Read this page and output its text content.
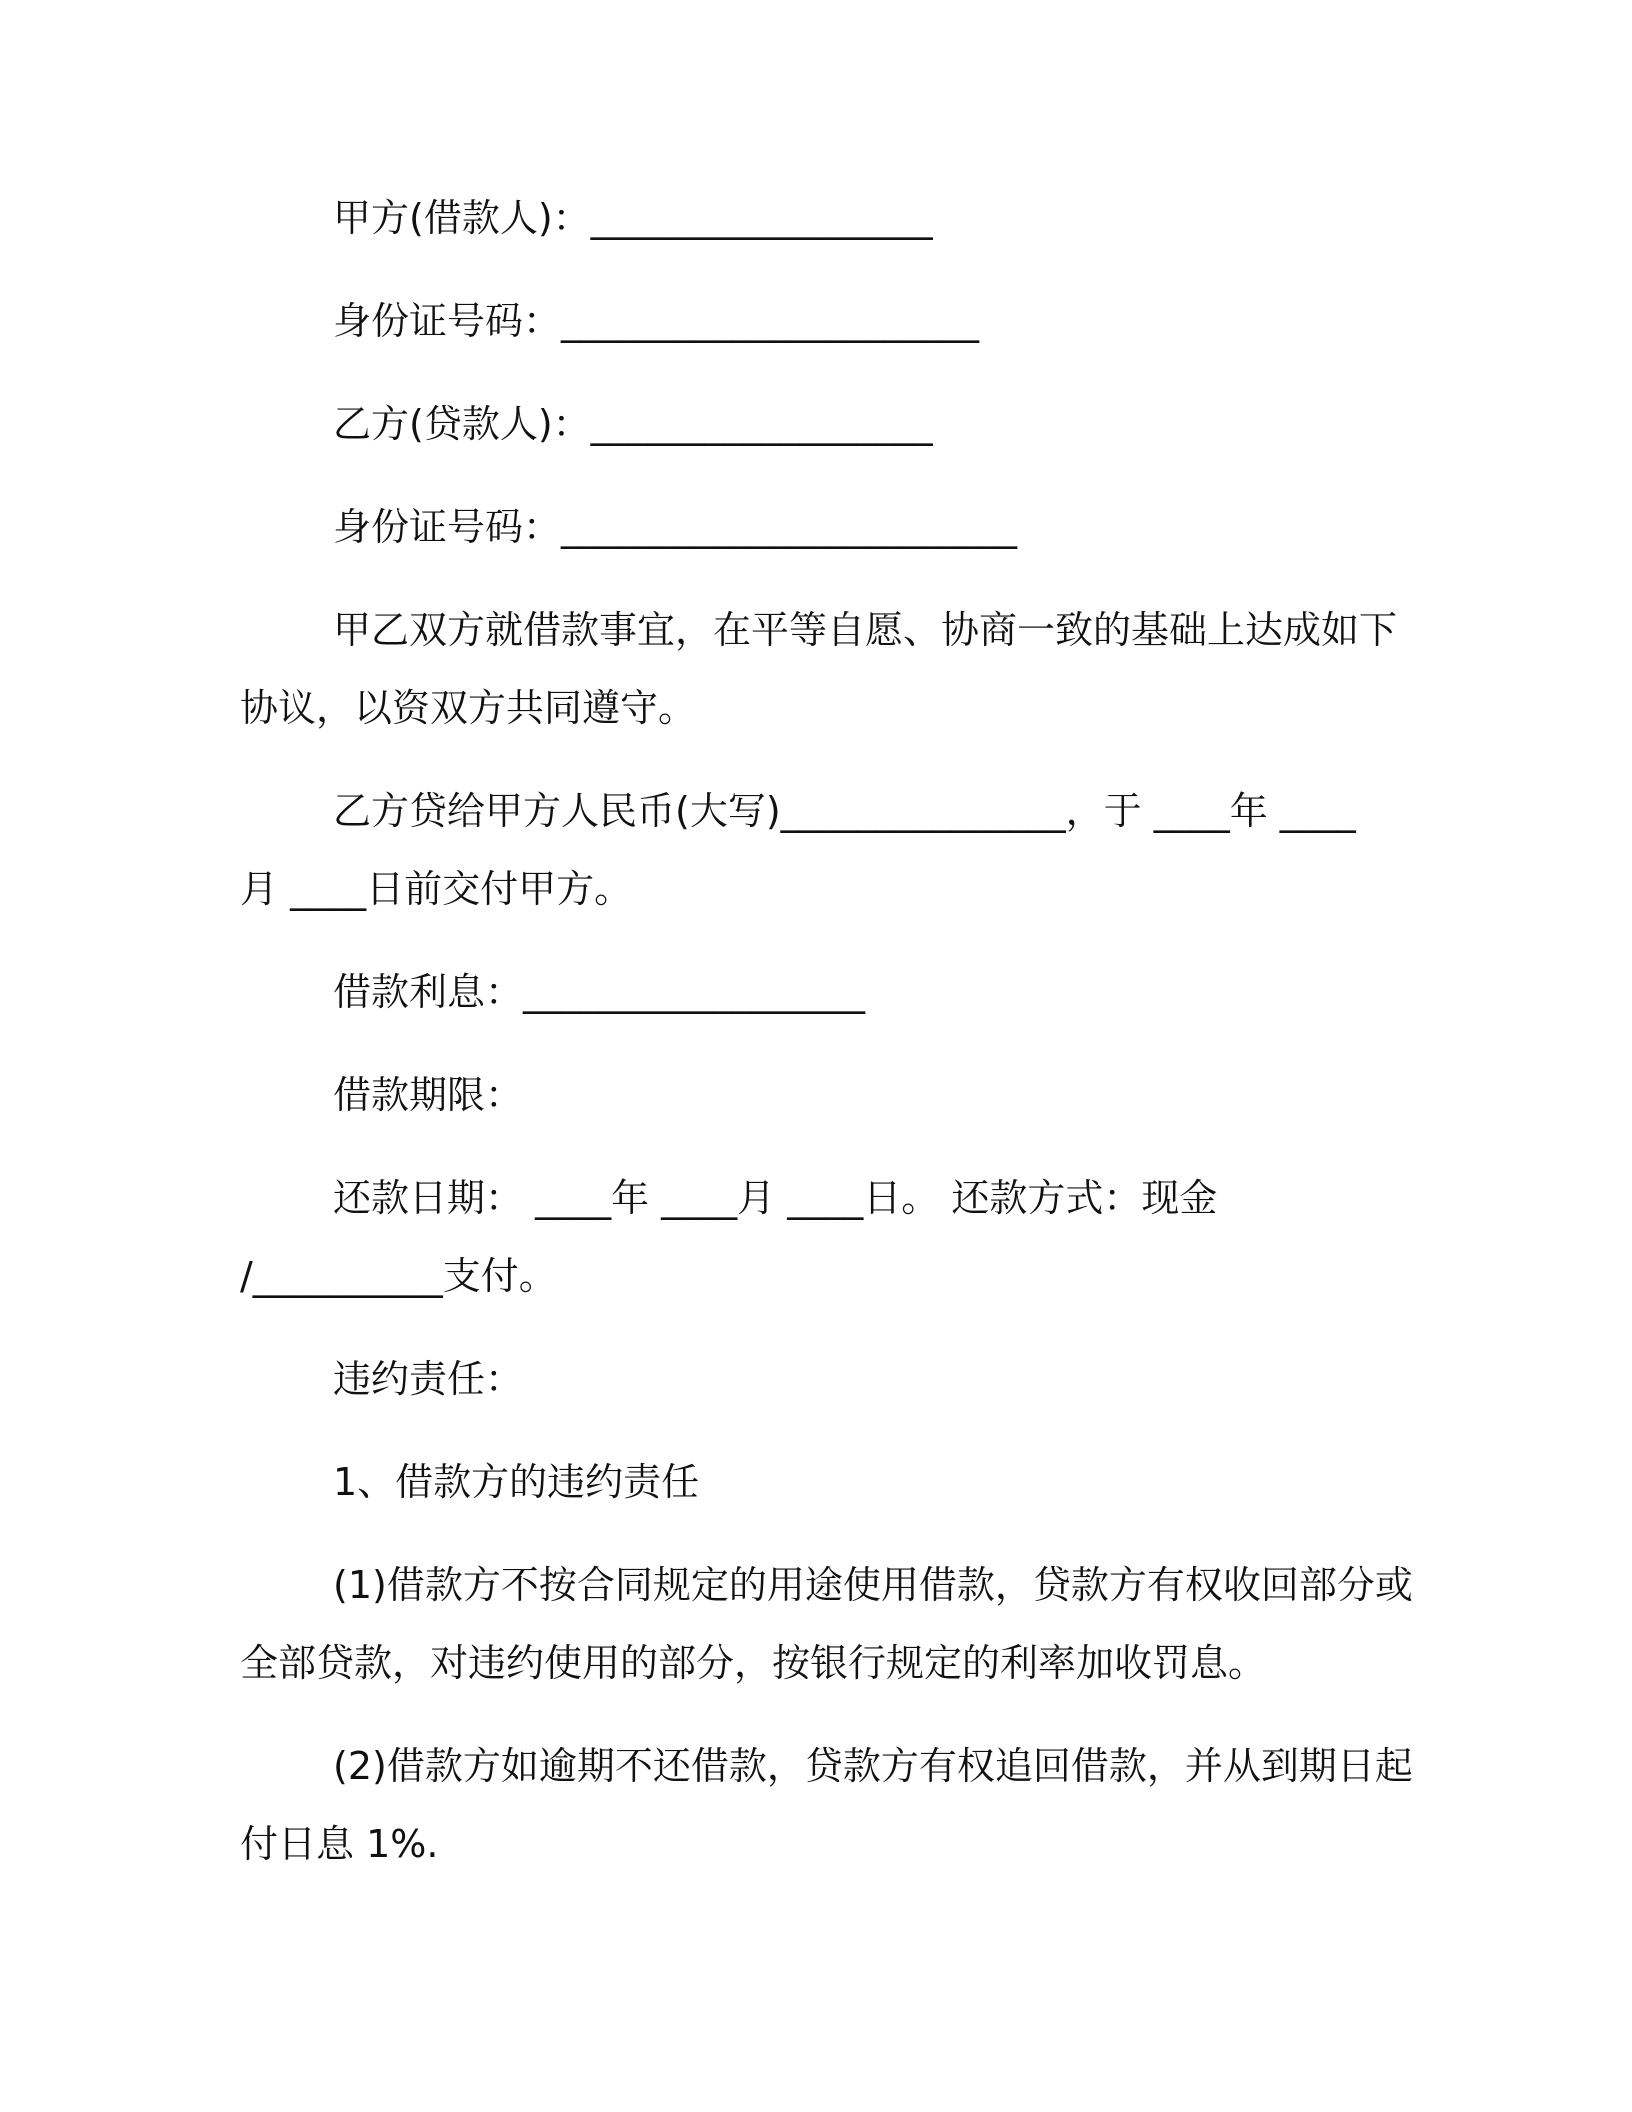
甲方(借款人)：__________________
身份证号码：______________________
乙方(贷款人)：__________________
身份证号码：________________________
甲乙双方就借款事宜，在平等自愿、协商一致的基础上达成如下
协议，以资双方共同遵守。
乙方贷给甲方人民币(大写)_______________，于 ____年 ____
月 ____日前交付甲方。
借款利息：__________________
借款期限：
还款日期： ____年 ____月 ____日。 还款方式：现金
/__________支付。
违约责任：
1、借款方的违约责任
(1)借款方不按合同规定的用途使用借款，贷款方有权收回部分或
全部贷款，对违约使用的部分，按银行规定的利率加收罚息。
(2)借款方如逾期不还借款，贷款方有权追回借款，并从到期日起
付日息 1%.
